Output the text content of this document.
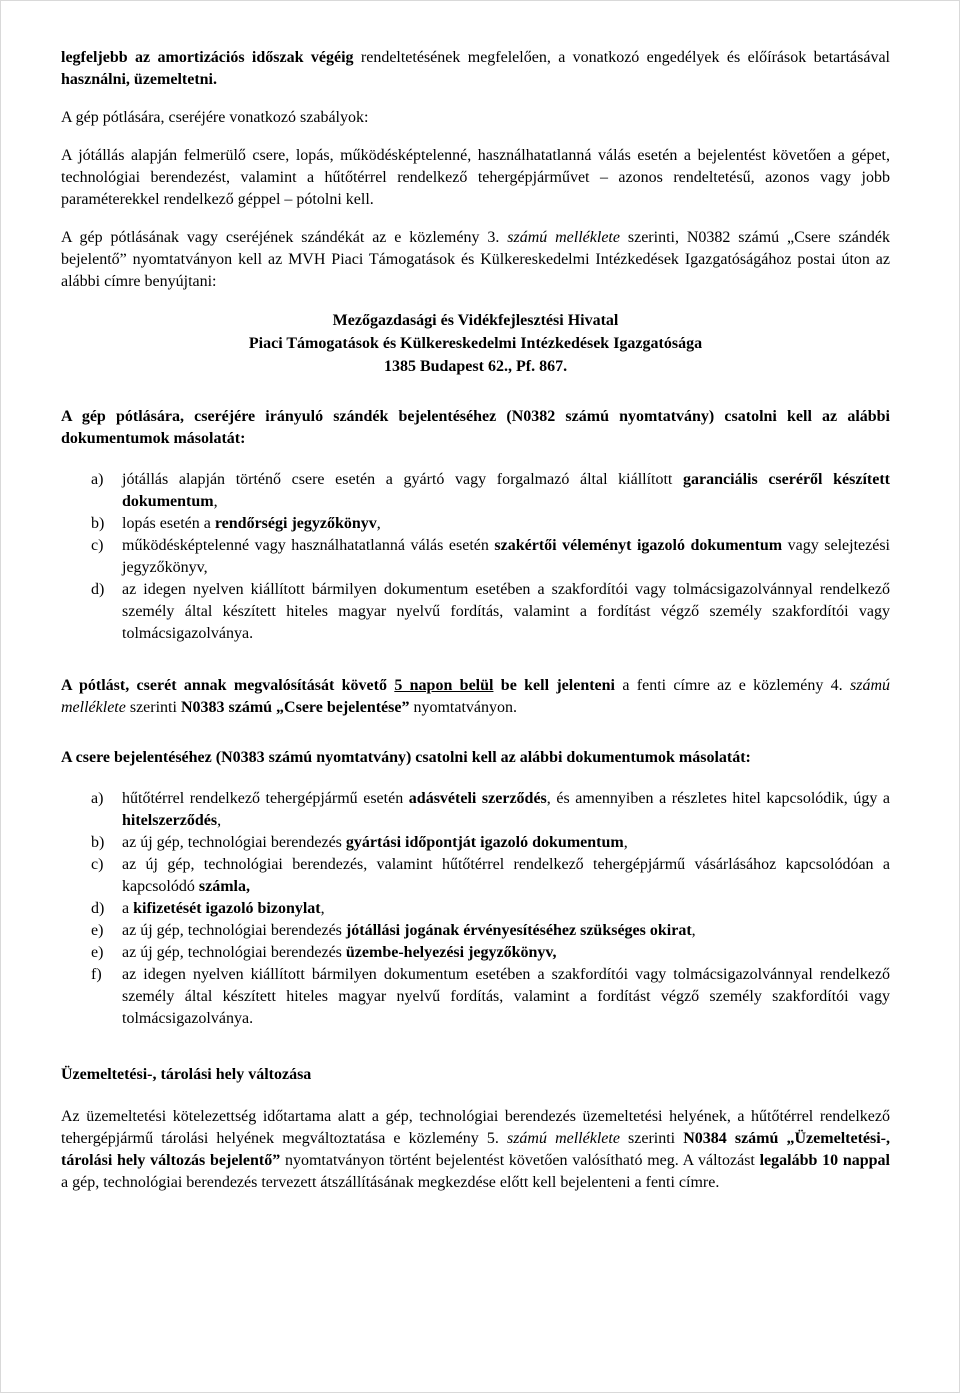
legfeljebb az amortizációs időszak végéig rendeltetésének megfelelően, a vonatkozó engedélyek és előírások betartásával használni, üzemeltetni.

A gép pótlására, cseréjére vonatkozó szabályok:

A jótállás alapján felmerülő csere, lopás, működésképtelenné, használhatatlanná válás esetén a bejelentést követően a gépet, technológiai berendezést, valamint a hűtőtérrel rendelkező tehergépjárművet – azonos rendeltetésű, azonos vagy jobb paraméterekkel rendelkező géppel – pótolni kell.

A gép pótlásának vagy cseréjének szándékát az e közlemény 3. számú melléklete szerinti, N0382 számú „Csere szándék bejelentő” nyomtatványon kell az MVH Piaci Támogatások és Külkereskedelmi Intézkedések Igazgatóságához postai úton az alábbi címre benyújtani:

Mezőgazdasági és Vidékfejlesztési Hivatal
Piaci Támogatások és Külkereskedelmi Intézkedések Igazgatósága
1385 Budapest 62., Pf. 867.

A gép pótlására, cseréjére irányuló szándék bejelentéséhez (N0382 számú nyomtatvány) csatolni kell az alábbi dokumentumok másolatát:

a) jótállás alapján történő csere esetén a gyártó vagy forgalmazó által kiállított garanciális cseréről készített dokumentum,
b) lopás esetén a rendőrségi jegyzőkönyv,
c) működésképtelenné vagy használhatatlanná válás esetén szakértői véleményt igazoló dokumentum vagy selejtezési jegyzőkönyv,
d) az idegen nyelven kiállított bármilyen dokumentum esetében a szakfordítói vagy tolmácsigazolvánnyal rendelkező személy által készített hiteles magyar nyelvű fordítás, valamint a fordítást végző személy szakfordítói vagy tolmácsigazolványa.

A pótlást, cserét annak megvalósítását követő 5 napon belül be kell jelenteni a fenti címre az e közlemény 4. számú melléklete szerinti N0383 számú „Csere bejelentése” nyomtatványon.

A csere bejelentéséhez (N0383 számú nyomtatvány) csatolni kell az alábbi dokumentumok másolatát:

a) hűtőtérrel rendelkező tehergépjármű esetén adásvételi szerződés, és amennyiben a részletes hitel kapcsolódik, úgy a hitelszerződés,
b) az új gép, technológiai berendezés gyártási időpontját igazoló dokumentum,
c) az új gép, technológiai berendezés, valamint hűtőtérrel rendelkező tehergépjármű vásárlásához kapcsolódóan a kapcsolódó számla,
d) a kifizetését igazoló bizonylat,
e) az új gép, technológiai berendezés jótállási jogának érvényesítéséhez szükséges okirat,
e) az új gép, technológiai berendezés üzembe-helyezési jegyzőkönyv,
f) az idegen nyelven kiállított bármilyen dokumentum esetében a szakfordítói vagy tolmácsigazolvánnyal rendelkező személy által készített hiteles magyar nyelvű fordítás, valamint a fordítást végző személy szakfordítói vagy tolmácsigazolványa.

Üzemeltetési-, tárolási hely változása

Az üzemeltetési kötelezettség időtartama alatt a gép, technológiai berendezés üzemeltetési helyének, a hűtőtérrel rendelkező tehergépjármű tárolási helyének megváltoztatása e közlemény 5. számú melléklete szerinti N0384 számú „Üzemeltetési-, tárolási hely változás bejelentő” nyomtatványon történt bejelentést követően valósítható meg. A változást legalább 10 nappal a gép, technológiai berendezés tervezett átszállításának megkezdése előtt kell bejelenteni a fenti címre.
